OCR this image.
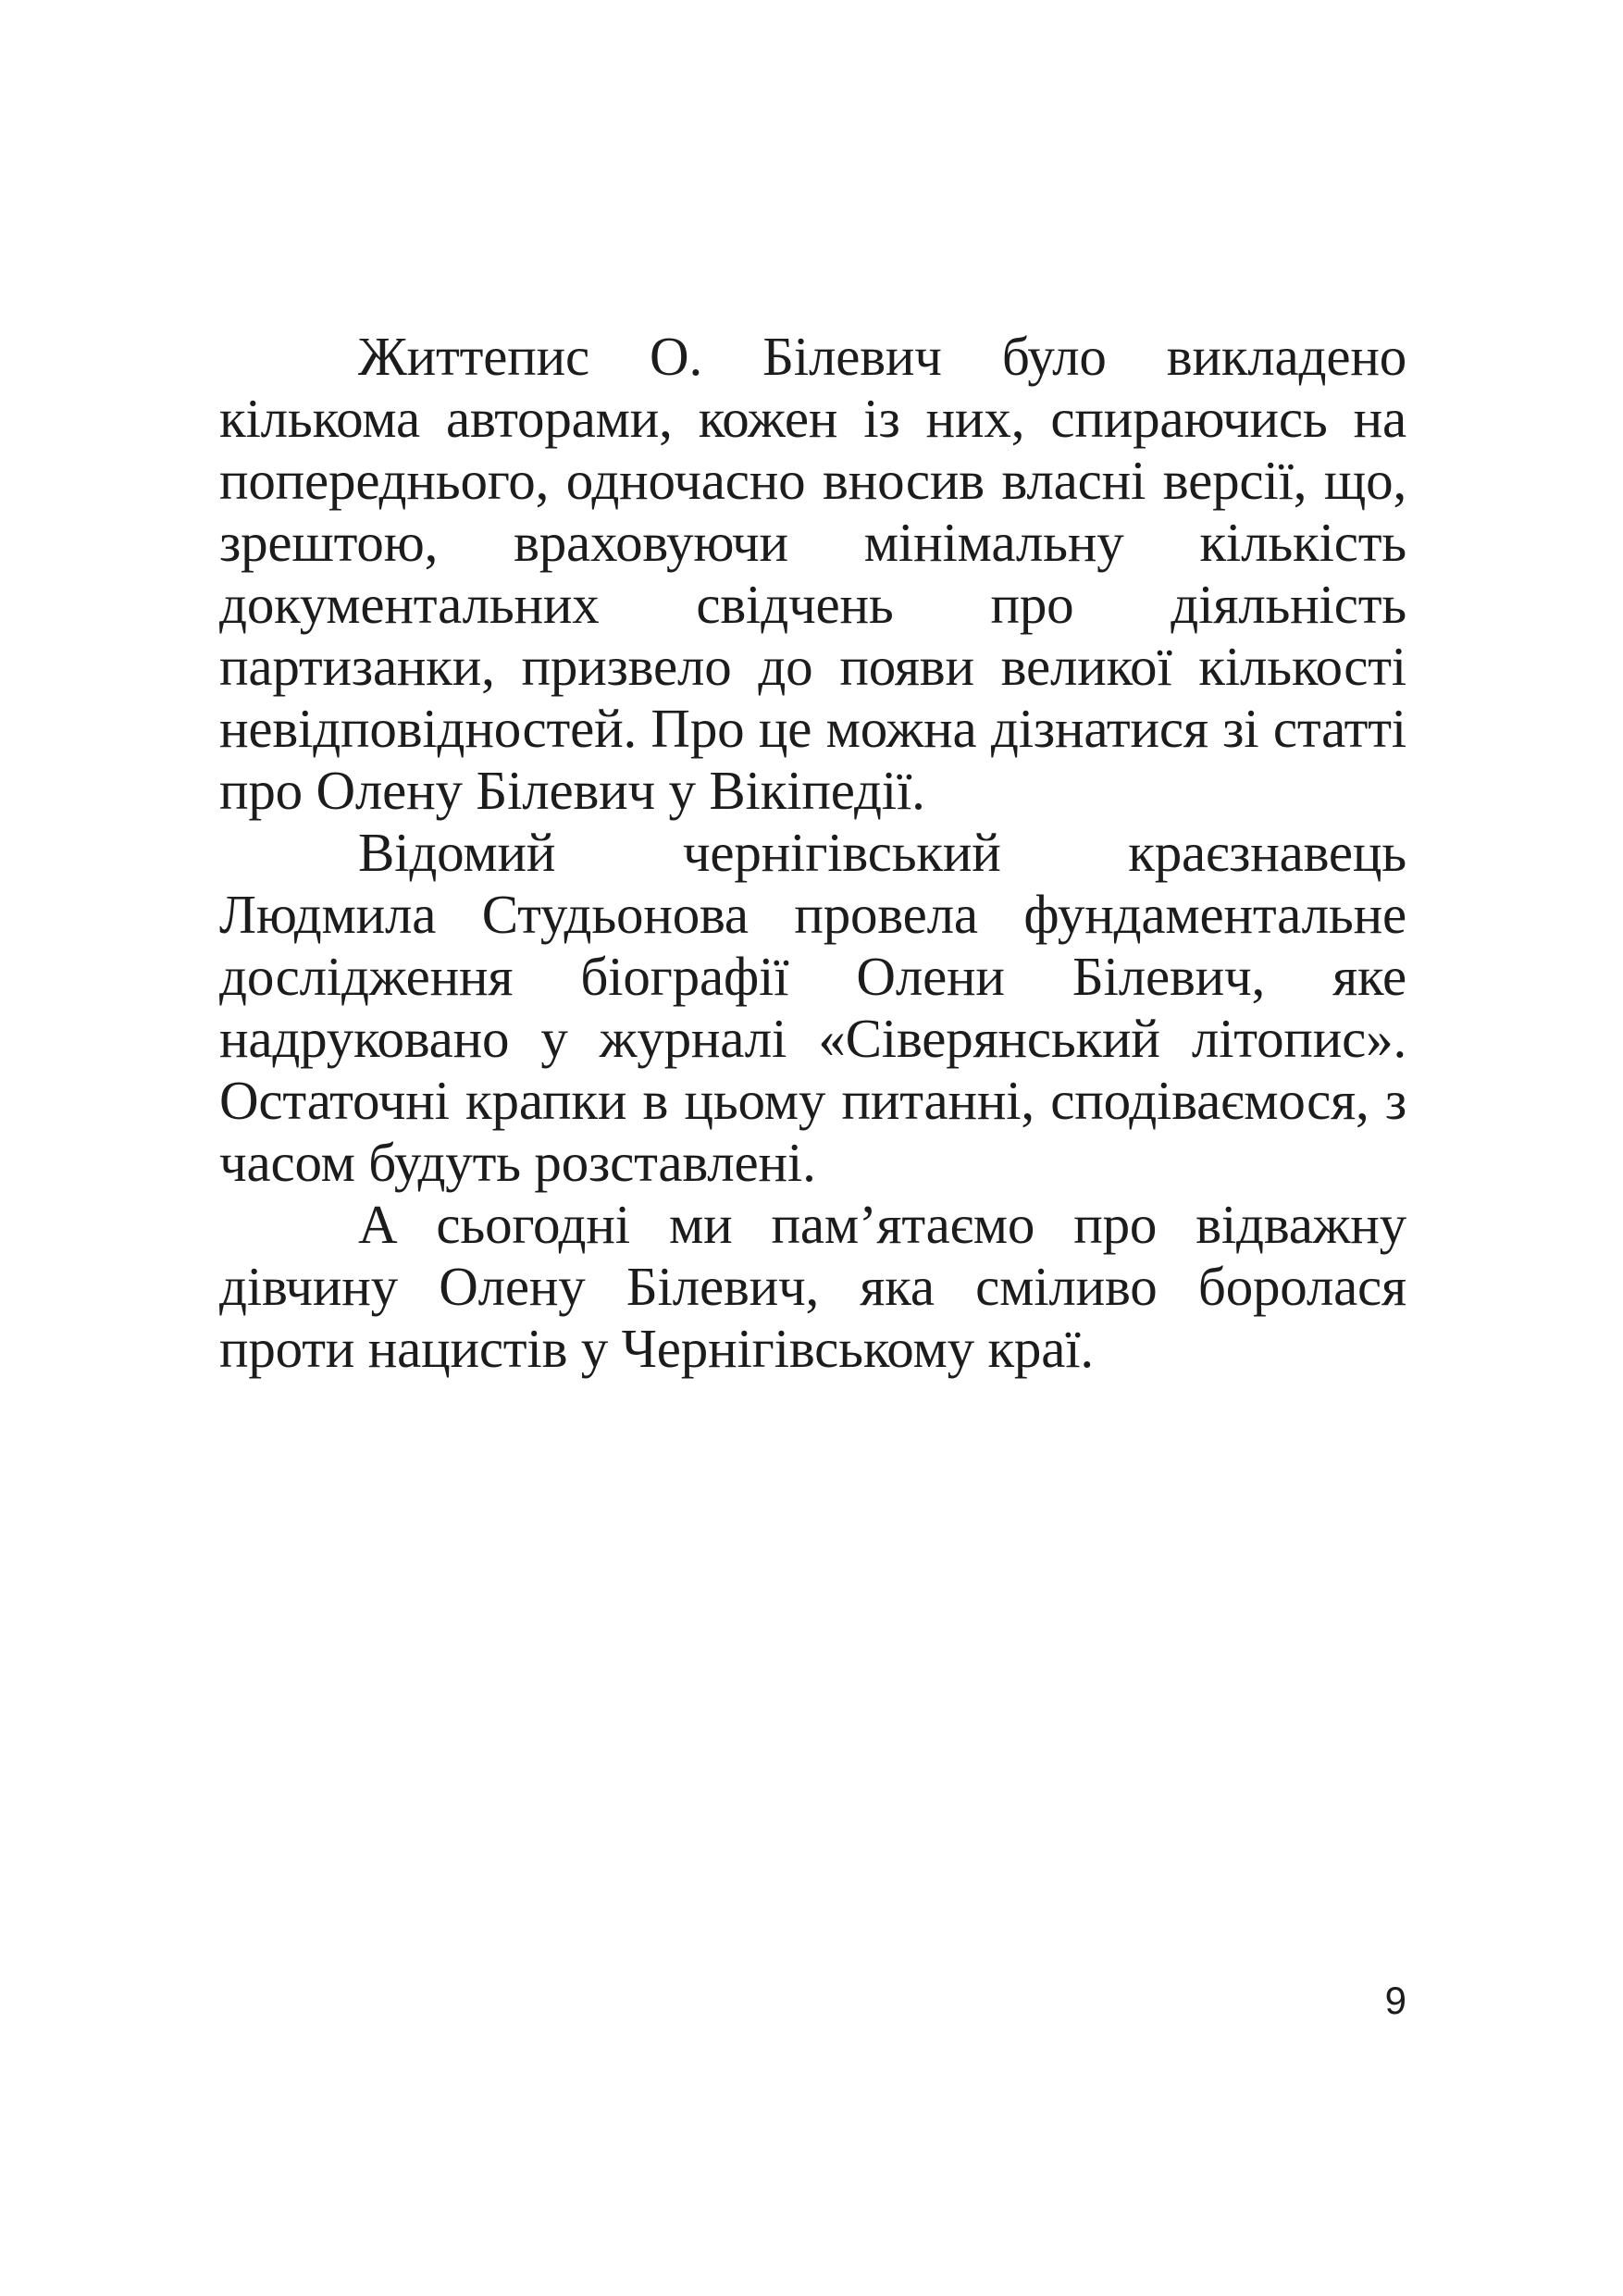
Життепис О. Білевич було викладено кількома авторами, кожен із них, спираючись на попереднього, одночасно вносив власні версії, що, зрештою, враховуючи мінімальну кількість документальних свідчень про діяльність партизанки, призвело до появи великої кількості невідповідностей. Про це можна дізнатися зі статті про Олену Білевич у Вікіпедії.

Відомий чернігівський краєзнавець Людмила Студьонова провела фундаментальне дослідження біографії Олени Білевич, яке надруковано у журналі «Сіверянський літопис». Остаточні крапки в цьому питанні, сподіваємося, з часом будуть розставлені.

А сьогодні ми пам’ятаємо про відважну дівчину Олену Білевич, яка сміливо боролася проти нацистів у Чернігівському краї.

9
